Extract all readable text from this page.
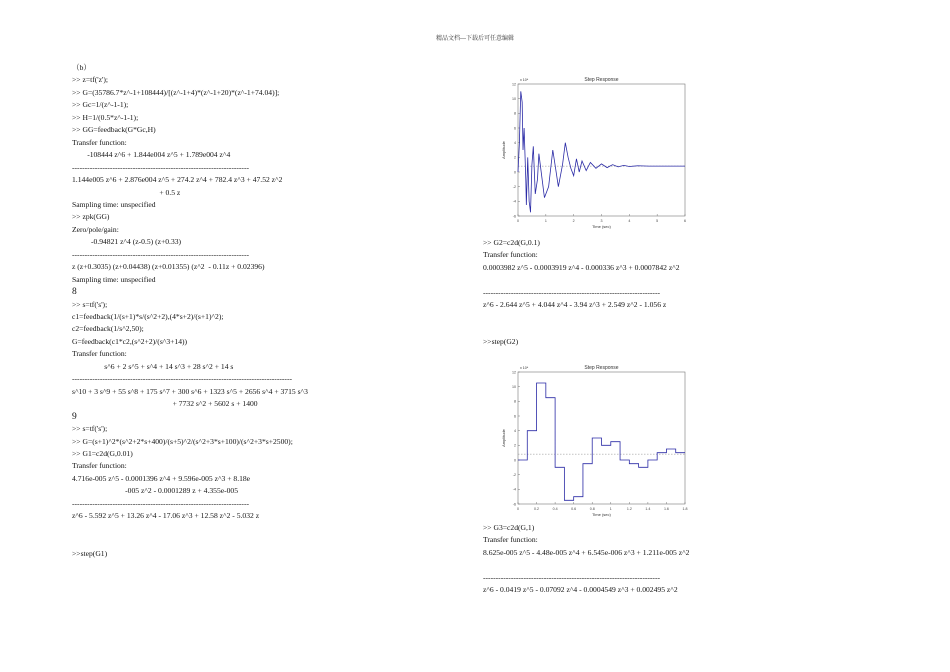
精品文档---下载后可任意编辑
（b）
>> z=tf('z');
>> G=(35786.7*z^-1+108444)/[(z^-1+4)*(z^-1+20)*(z^-1+74.04)];
>> Gc=1/(z^-1-1);
>> H=1/(0.5*z^-1-1);
>> GG=feedback(G*Gc,H)
Transfer function:
-108444 z^6 + 1.844e004 z^5 + 1.789e004 z^4
----------------------------------------------------------------------
1.144e005 z^6 + 2.876e004 z^5 + 274.2 z^4 + 782.4 z^3 + 47.52 z^2
+ 0.5 z
Sampling time: unspecified
>> zpk(GG)
Zero/pole/gain:
-0.94821 z^4 (z-0.5) (z+0.33)
----------------------------------------------------------------------
z (z+0.3035) (z+0.04438) (z+0.01355) (z^2  - 0.11z + 0.02396)
Sampling time: unspecified
8
>> s=tf('s');
c1=feedback(1/(s+1)*s/(s^2+2),(4*s+2)/(s+1)^2);
c2=feedback(1/s^2,50);
G=feedback(c1*c2,(s^2+2)/(s^3+14))
Transfer function:
s^6 + 2 s^5 + s^4 + 14 s^3 + 28 s^2 + 14 s
---------------------------------------------------------------------------------------
s^10 + 3 s^9 + 55 s^8 + 175 s^7 + 300 s^6 + 1323 s^5 + 2656 s^4 + 3715 s^3
+ 7732 s^2 + 5602 s + 1400
9
>> s=tf('s');
>> G=(s+1)^2*(s^2+2*s+400)/(s+5)^2/(s^2+3*s+100)/(s^2+3*s+2500);
>> G1=c2d(G,0.01)
Transfer function:
4.716e-005 z^5 - 0.0001396 z^4 + 9.596e-005 z^3 + 8.18e
-005 z^2 - 0.0001289 z + 4.355e-005
----------------------------------------------------------------------
z^6 - 5.592 z^5 + 13.26 z^4 - 17.06 z^3 + 12.58 z^2 - 5.032 z
>>step(G1)
>> G2=c2d(G,0.1)
Transfer function:
0.0003982 z^5 - 0.0003919 z^4 - 0.000336 z^3 + 0.0007842 z^2
----------------------------------------------------------------------
z^6 - 2.644 z^5 + 4.044 z^4 - 3.94 z^3 + 2.549 z^2 - 1.056 z
>>step(G2)
>> G3=c2d(G,1)
Transfer function:
8.625e-005 z^5 - 4.48e-005 z^4 + 6.545e-006 z^3 + 1.211e-005 z^2
----------------------------------------------------------------------
z^6 - 0.0419 z^5 - 0.07092 z^4 - 0.0004549 z^3 + 0.002495 z^2
Step Response
x 10⁴
Time (sec)
Amplitude
0	1	2	3	4	5	6
12
10
8
6
4
2
0
-2
-4
-6
Step Response
x 10⁴
Time (sec)
Amplitude
0	0.2	0.4	0.6	0.8	1	1.2	1.4	1.6	1.8
12
10
8
6
4
2
0
-2
-4
-6
